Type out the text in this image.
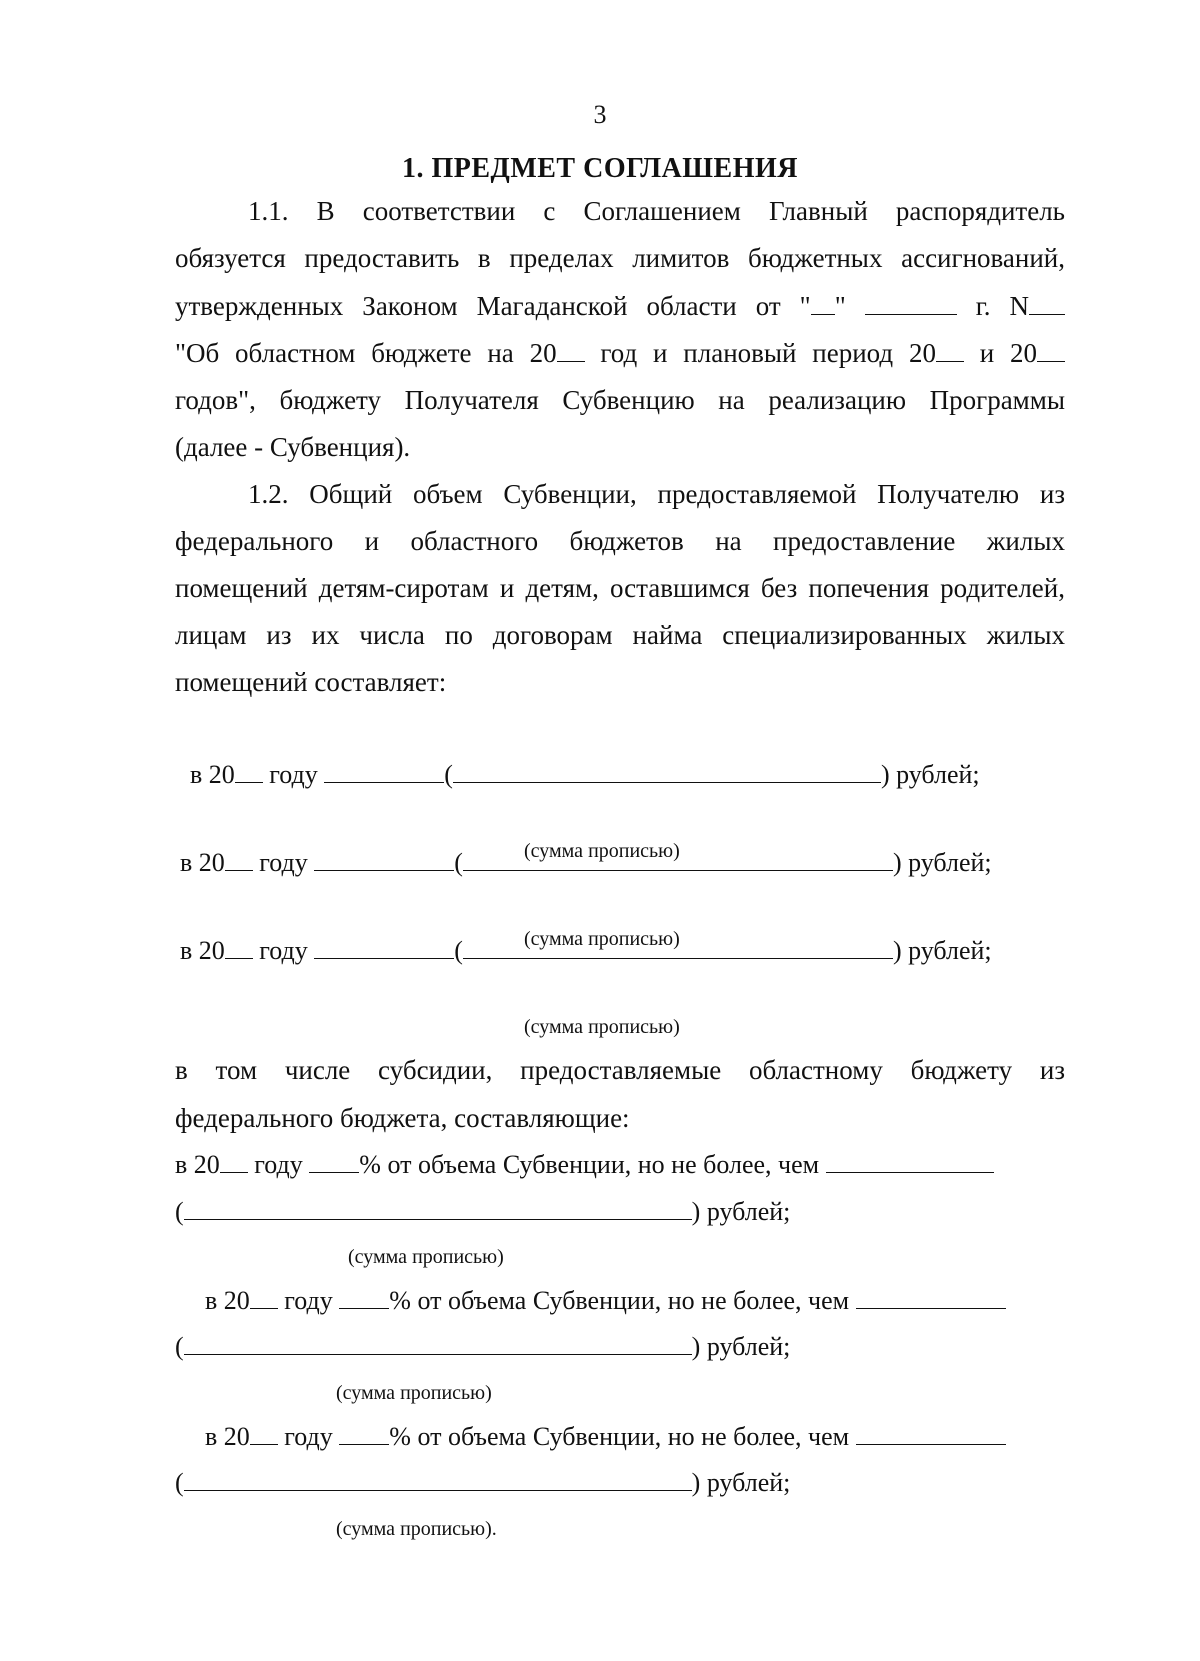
3
1. ПРЕДМЕТ СОГЛАШЕНИЯ
1.1. В соответствии с Соглашением Главный распорядитель
обязуется предоставить в пределах лимитов бюджетных ассигнований,
утвержденных Законом Магаданской области от " "	г. N
"Об областном бюджете на 20 год и плановый период 20 и 20
годов", бюджету Получателя Субвенцию на реализацию Программы
(далее - Субвенция).
1.2. Общий объем Субвенции, предоставляемой Получателю из
федерального и областного бюджетов на предоставление жилых
помещений детям-сиротам и детям, оставшимся без попечения родителей,
лицам из их числа по договорам найма специализированных жилых
помещений составляет:
в 20 году	(	) рублей;
(сумма прописью)
в 20 году	(	) рублей;
(сумма прописью)
в 20 году	(	) рублей;
(сумма прописью)
в том числе субсидии, предоставляемые областному бюджету из
федерального бюджета, составляющие:
в 20 году % от объема Субвенции, но не более, чем
(	) рублей;
(сумма прописью)
в 20 году % от объема Субвенции, но не более, чем
(	) рублей;
(сумма прописью)
в 20 году % от объема Субвенции, но не более, чем
(	) рублей;
(сумма прописью).
